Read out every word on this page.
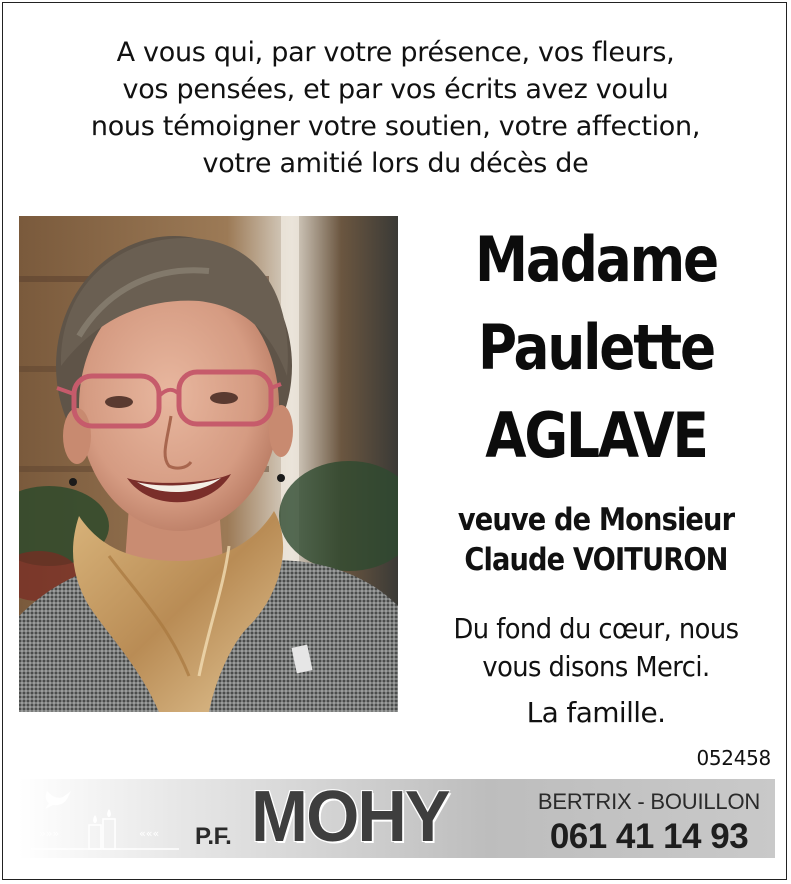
A vous qui, par votre présence, vos fleurs,
vos pensées, et par vos écrits avez voulu
nous témoigner votre soutien, votre affection,
votre amitié lors du décès de
Madame
Paulette
AGLAVE
veuve de Monsieur
Claude VOITURON
Du fond du cœur, nous
vous disons Merci.
La famille.
052458
»»»	««« P.F. MOHY	BERTRIX - BOUILLON
061 41 14 93
